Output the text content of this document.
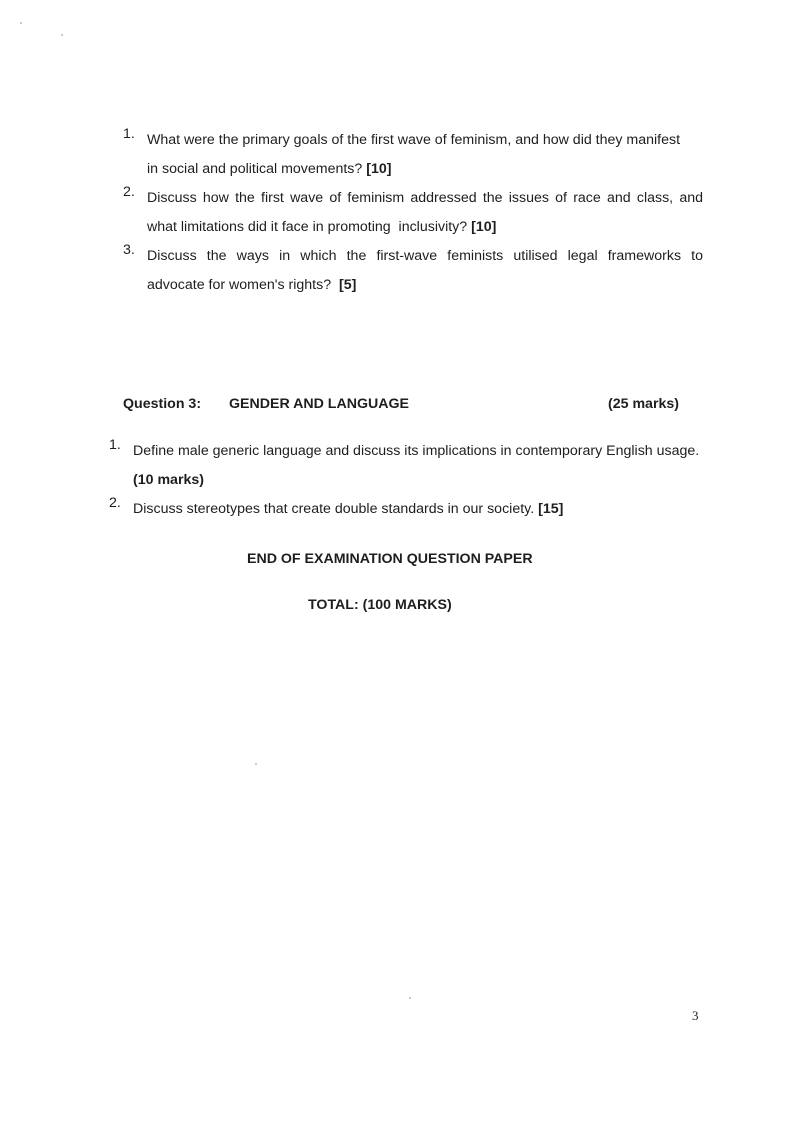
1. What were the primary goals of the first wave of feminism, and how did they manifest
in social and political movements? [10]
2. Discuss how the first wave of feminism addressed the issues of race and class, and
what limitations did it face in promoting  inclusivity? [10]
3. Discuss the ways in which the first-wave feminists utilised legal frameworks to
advocate for women's rights? [5]
Question 3: GENDER AND LANGUAGE	(25 marks)
1. Define male generic language and discuss its implications in contemporary English usage.
(10 marks)
2. Discuss stereotypes that create double standards in our society. [15]
END OF EXAMINATION QUESTION PAPER
TOTAL: (100 MARKS)
3
